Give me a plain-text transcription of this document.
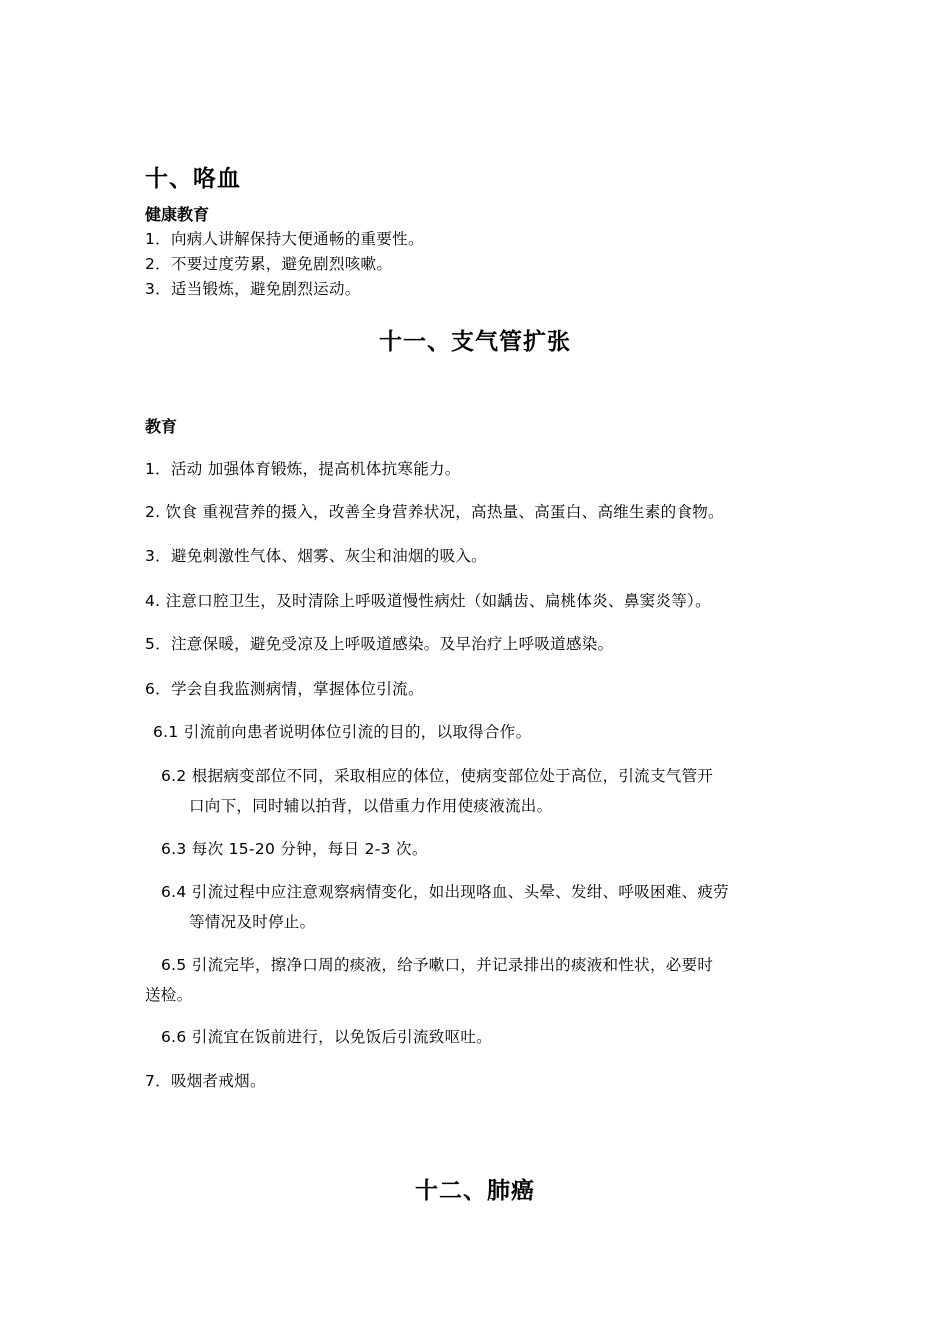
十、咯血
健康教育
1．向病人讲解保持大便通畅的重要性。
2．不要过度劳累，避免剧烈咳嗽。
3．适当锻炼，避免剧烈运动。
十一、支气管扩张
教育
1．活动 加强体育锻炼，提高机体抗寒能力。
2. 饮食 重视营养的摄入，改善全身营养状况，高热量、高蛋白、高维生素的食物。
3．避免刺激性气体、烟雾、灰尘和油烟的吸入。
4. 注意口腔卫生，及时清除上呼吸道慢性病灶（如龋齿、扁桃体炎、鼻窦炎等）。
5．注意保暖，避免受凉及上呼吸道感染。及早治疗上呼吸道感染。
6．学会自我监测病情，掌握体位引流。
6.1 引流前向患者说明体位引流的目的，以取得合作。
6.2 根据病变部位不同，采取相应的体位，使病变部位处于高位，引流支气管开
口向下，同时辅以拍背，以借重力作用使痰液流出。
6.3 每次 15-20 分钟，每日 2-3 次。
6.4 引流过程中应注意观察病情变化，如出现咯血、头晕、发绀、呼吸困难、疲劳
等情况及时停止。
6.5 引流完毕，擦净口周的痰液，给予嗽口，并记录排出的痰液和性状，必要时
送检。
6.6 引流宜在饭前进行，以免饭后引流致呕吐。
7．吸烟者戒烟。
十二、肺癌
